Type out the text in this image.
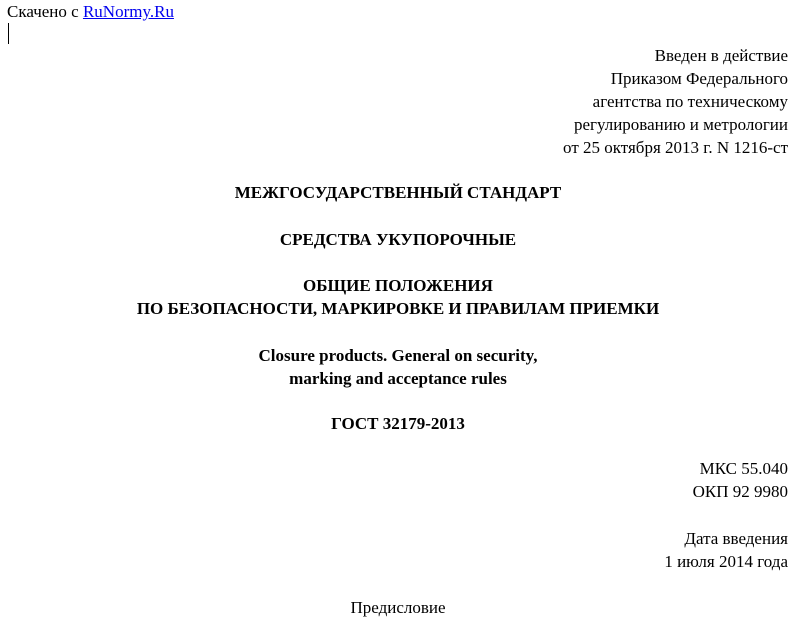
Скачено с RuNormy.Ru
Введен в действие
Приказом Федерального
агентства по техническому
регулированию и метрологии
от 25 октября 2013 г. N 1216-ст
МЕЖГОСУДАРСТВЕННЫЙ СТАНДАРТ
СРЕДСТВА УКУПОРОЧНЫЕ
ОБЩИЕ ПОЛОЖЕНИЯ
ПО БЕЗОПАСНОСТИ, МАРКИРОВКЕ И ПРАВИЛАМ ПРИЕМКИ
Closure products. General on security,
marking and acceptance rules
ГОСТ 32179-2013
МКС 55.040
ОКП 92 9980
Дата введения
1 июля 2014 года
Предисловие
